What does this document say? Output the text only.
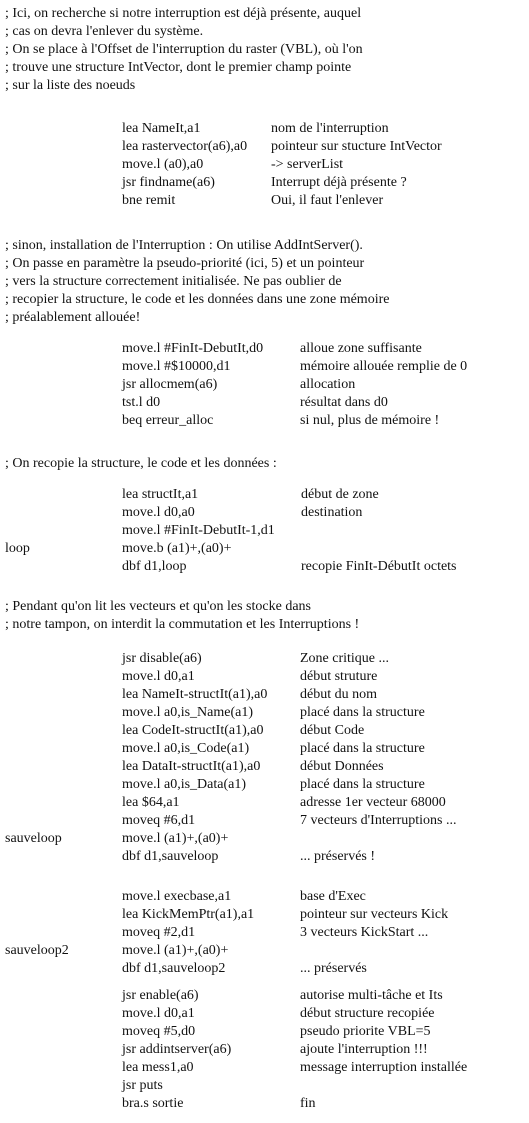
; Ici, on recherche si notre interruption est déjà présente, auquel
; cas on devra l'enlever du système.
; On se place à l'Offset de l'interruption du raster (VBL), où l'on
; trouve une structure IntVector, dont le premier champ pointe
; sur la liste des noeuds
lea NameIt,a1	nom de l'interruption
lea rastervector(a6),a0 pointeur sur stucture IntVector
move.l (a0),a0	-> serverList
jsr findname(a6)	Interrupt déjà présente ?
bne remit	Oui, il faut l'enlever
; sinon, installation de l'Interruption : On utilise AddIntServer().
; On passe en paramètre la pseudo-priorité (ici, 5) et un pointeur
; vers la structure correctement initialisée. Ne pas oublier de
; recopier la structure, le code et les données dans une zone mémoire
; préalablement allouée!
move.l #FinIt-DebutIt,d0	alloue zone suffisante
move.l #$10000,d1	mémoire allouée remplie de 0
jsr allocmem(a6)	allocation
tst.l d0	résultat dans d0
beq erreur_alloc	si nul, plus de mémoire !
; On recopie la structure, le code et les données :
lea structIt,a1	début de zone
move.l d0,a0	destination
move.l #FinIt-DebutIt-1,d1
loop	move.b (a1)+,(a0)+
dbf d1,loop	recopie FinIt-DébutIt octets
; Pendant qu'on lit les vecteurs et qu'on les stocke dans
; notre tampon, on interdit la commutation et les Interruptions !
jsr disable(a6)	Zone critique ...
move.l d0,a1	début struture
lea NameIt-structIt(a1),a0 début du nom
move.l a0,is_Name(a1)	placé dans la structure
lea CodeIt-structIt(a1),a0	début Code
move.l a0,is_Code(a1)	placé dans la structure
lea DataIt-structIt(a1),a0	début Données
move.l a0,is_Data(a1)	placé dans la structure
lea $64,a1	adresse 1er vecteur 68000
moveq #6,d1	7 vecteurs d'Interruptions ...
sauveloop	move.l (a1)+,(a0)+
dbf d1,sauveloop	... préservés !
move.l execbase,a1	base d'Exec
lea KickMemPtr(a1),a1	pointeur sur vecteurs Kick
moveq #2,d1	3 vecteurs KickStart ...
sauveloop2	move.l (a1)+,(a0)+
dbf d1,sauveloop2	... préservés
jsr enable(a6)	autorise multi-tâche et Its
move.l d0,a1	début structure recopiée
moveq #5,d0	pseudo priorite VBL=5
jsr addintserver(a6)	ajoute l'interruption !!!
lea mess1,a0	message interruption installée
jsr puts
bra.s sortie	fin
